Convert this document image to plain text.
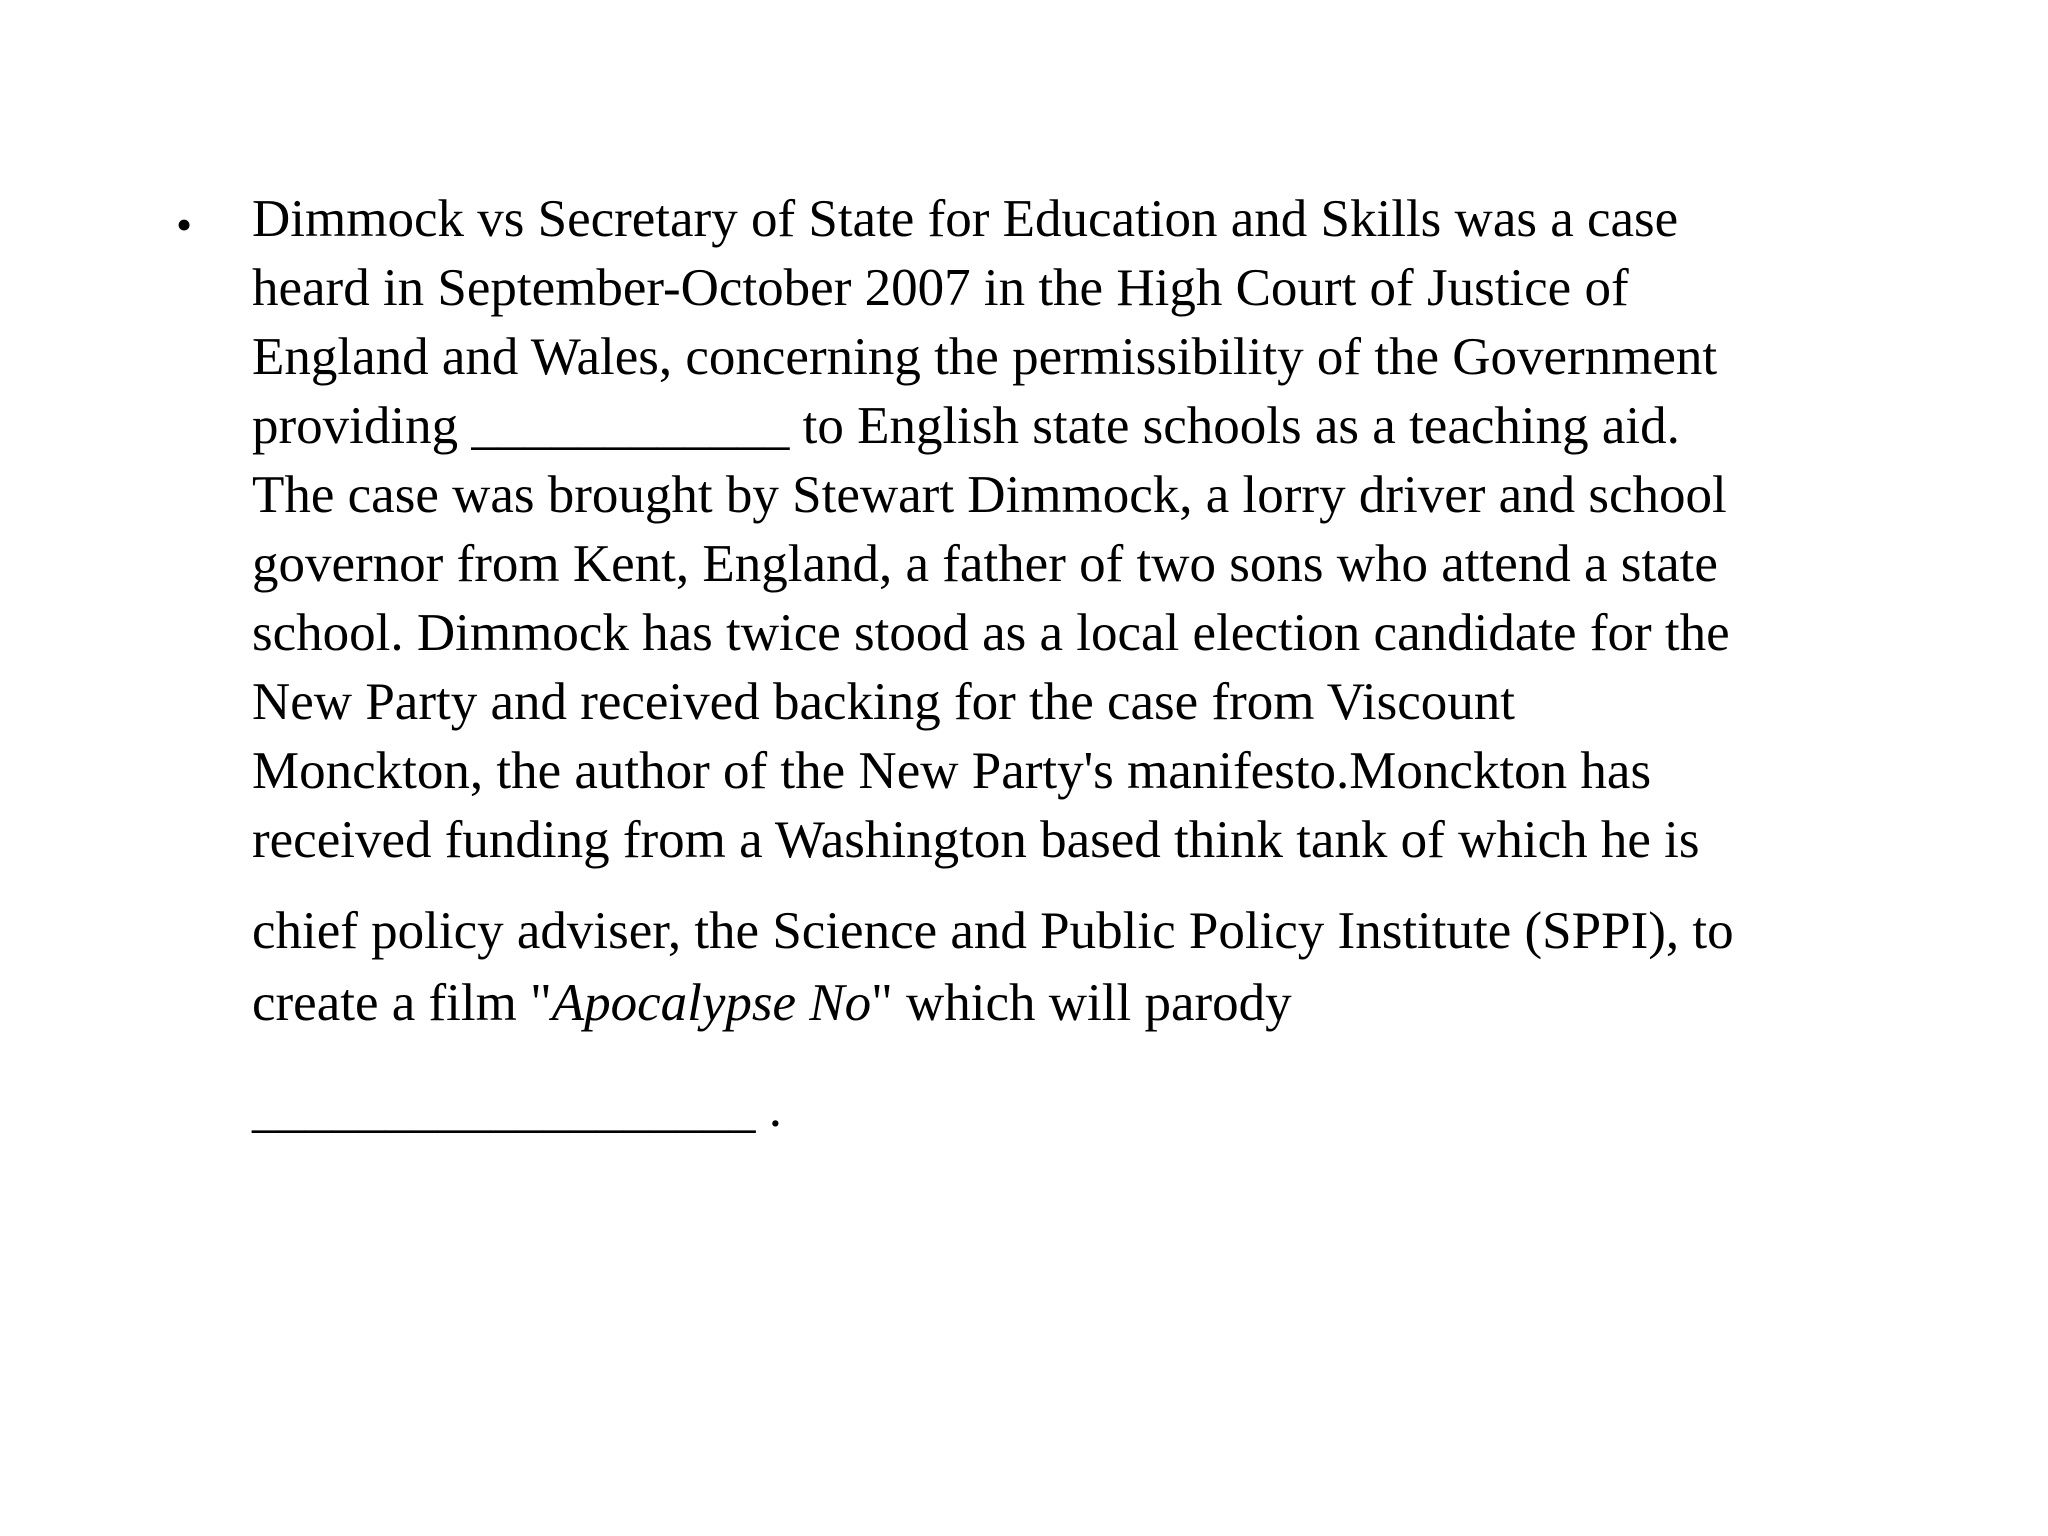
• Dimmock vs Secretary of State for Education and Skills was a case
heard in September-October 2007 in the High Court of Justice of
England and Wales, concerning the permissibility of the Government
providing ____________ to English state schools as a teaching aid.
The case was brought by Stewart Dimmock, a lorry driver and school
governor from Kent, England, a father of two sons who attend a state
school. Dimmock has twice stood as a local election candidate for the
New Party and received backing for the case from Viscount
Monckton, the author of the New Party's manifesto.Monckton has
received funding from a Washington based think tank of which he is
chief policy adviser, the Science and Public Policy Institute (SPPI), to
create a film "Apocalypse No" which will parody
___________________ .
